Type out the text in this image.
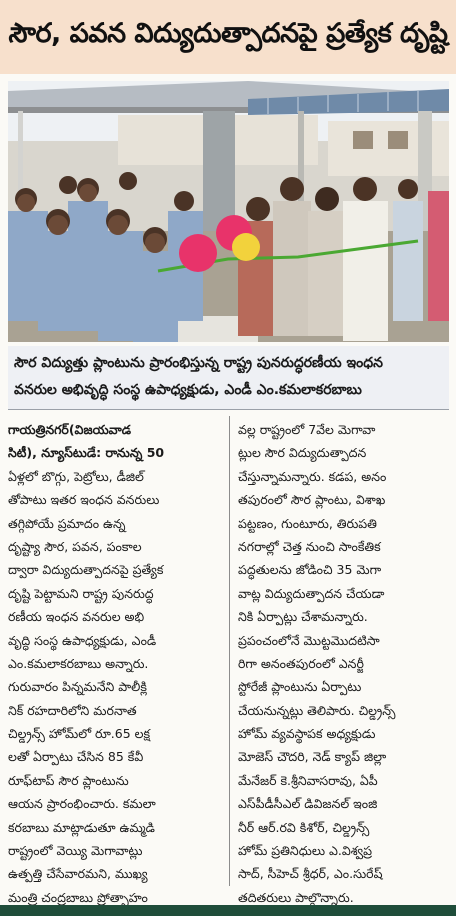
సౌర, పవన విద్యుదుత్పాదనపై ప్రత్యేక దృష్టి
సౌర విద్యుత్తు ప్లాంటును ప్రారంభిస్తున్న రాష్ట్ర పునరుద్ధరణీయ ఇంధన
వనరుల అభివృద్ధి సంస్థ ఉపాధ్యక్షుడు, ఎండీ ఎం.కమలాకరబాబు
గాయత్రినగర్(విజయవాడ
సిటీ), న్యూస్‌టుడే: రానున్న 50
ఏళ్లలో బొగ్గు, పెట్రోలు, డీజిల్
తోపాటు ఇతర ఇంధన వనరులు
తగ్గిపోయే ప్రమాదం ఉన్న
దృష్ట్యా సౌర, పవన, పంకాల
ద్వారా విద్యుదుత్పాదనపై ప్రత్యేక
దృష్టి పెట్టామని రాష్ట్ర పునరుద్ధ
రణీయ ఇంధన వనరుల అభి
వృద్ధి సంస్థ ఉపాధ్యక్షుడు, ఎండీ
ఎం.కమలాకరబాబు అన్నారు.
గురువారం పిన్నమనేని పాలీక్లి
నిక్ రహదారిలోని మరనాత
చిల్డ్రన్స్ హోమ్‌లో రూ.65 లక్ష
లతో ఏర్పాటు చేసిన 85 కేవీ
రూఫ్‌టాప్ సౌర ప్లాంటును
ఆయన ప్రారంభించారు. కమలా
కరబాబు మాట్లాడుతూ ఉమ్మడి
రాష్ట్రంలో వెయ్యి మెగావాట్లు
ఉత్పత్తి చేసేవారమని, ముఖ్య
మంత్రి చంద్రబాబు ప్రోత్సాహం
వల్ల రాష్ట్రంలో 7వేల మెగావా
ట్లుల సౌర విద్యుదుత్పాదన
చేస్తున్నామన్నారు. కడప, అనం
తపురంలో సౌర ప్లాంటు, విశాఖ
పట్టణం, గుంటూరు, తిరుపతి
నగరాల్లో చెత్త నుంచి సాంకేతిక
పద్ధతులను జోడించి 35 మెగా
వాట్ల విద్యుదుత్పాదన చేయడా
నికి ఏర్పాట్లు చేశామన్నారు.
ప్రపంచంలోనే మొట్టమొదటిసా
రిగా అనంతపురంలో ఎనర్జీ
స్టోరేజీ ప్లాంటును ఏర్పాటు
చేయనున్నట్లు తెలిపారు. చిల్డ్రన్స్
హోమ్ వ్యవస్థాపక అధ్యక్షుడు
మోజెస్ చౌదరి, నెడ్ క్యాప్ జిల్లా
మేనేజర్ కె.శ్రీనివాసరావు, ఏపీ
ఎస్‌పీడీసీఎల్ డివిజనల్ ఇంజి
నీర్ ఆర్.రవి కిశోర్, చిల్డ్రన్స్
హోమ్ ప్రతినిధులు ఎ.విశ్వప్ర
సాద్, సీహెచ్ శ్రీధర్, ఎం.సురేష్
తదితరులు పాల్గొన్నారు.
